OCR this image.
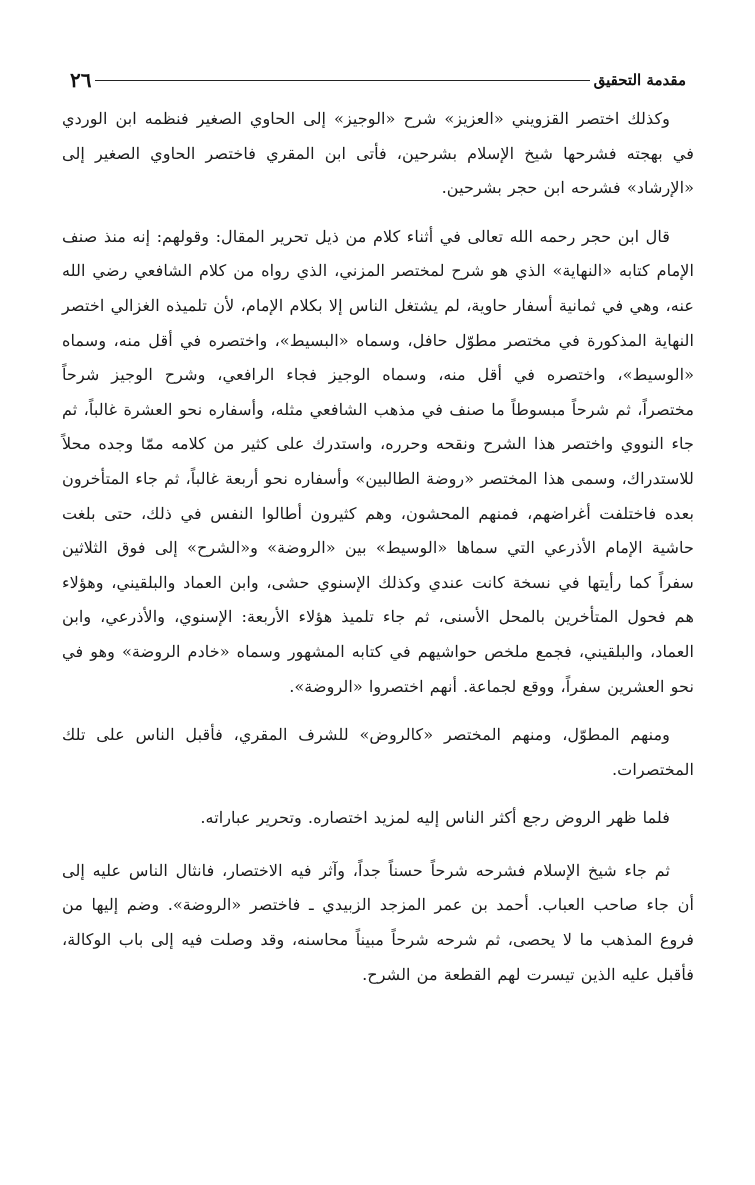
مقدمة التحقيق
٢٦

وكذلك اختصر القزويني «العزيز» شرح «الوجيز» إلى الحاوي الصغير فنظمه ابن الوردي في بهجته فشرحها شيخ الإسلام بشرحين، فأتى ابن المقري فاختصر الحاوي الصغير إلى «الإرشاد» فشرحه ابن حجر بشرحين.

قال ابن حجر رحمه الله تعالى في أثناء كلام من ذيل تحرير المقال: وقولهم: إنه منذ صنف الإمام كتابه «النهاية» الذي هو شرح لمختصر المزني، الذي رواه من كلام الشافعي رضي الله عنه، وهي في ثمانية أسفار حاوية، لم يشتغل الناس إلا بكلام الإمام، لأن تلميذه الغزالي اختصر النهاية المذكورة في مختصر مطوّل حافل، وسماه «البسيط»، واختصره في أقل منه، وسماه «الوسيط»، واختصره في أقل منه، وسماه الوجيز فجاء الرافعي، وشرح الوجيز شرحاً مختصراً، ثم شرحاً مبسوطاً ما صنف في مذهب الشافعي مثله، وأسفاره نحو العشرة غالباً، ثم جاء النووي واختصر هذا الشرح ونقحه وحرره، واستدرك على كثير من كلامه ممّا وجده محلاً للاستدراك، وسمى هذا المختصر «روضة الطالبين» وأسفاره نحو أربعة غالباً، ثم جاء المتأخرون بعده فاختلفت أغراضهم، فمنهم المحشون، وهم كثيرون أطالوا النفس في ذلك، حتى بلغت حاشية الإمام الأذرعي التي سماها «الوسيط» بين «الروضة» و«الشرح» إلى فوق الثلاثين سفراً كما رأيتها في نسخة كانت عندي وكذلك الإسنوي حشى، وابن العماد والبلقيني، وهؤلاء هم فحول المتأخرين بالمحل الأسنى، ثم جاء تلميذ هؤلاء الأربعة: الإسنوي، والأذرعي، وابن العماد، والبلقيني، فجمع ملخص حواشيهم في كتابه المشهور وسماه «خادم الروضة» وهو في نحو العشرين سفراً، ووقع لجماعة. أنهم اختصروا «الروضة».

ومنهم المطوّل، ومنهم المختصر «كالروض» للشرف المقري، فأقبل الناس على تلك المختصرات.

فلما ظهر الروض رجع أكثر الناس إليه لمزيد اختصاره. وتحرير عباراته.

ثم جاء شيخ الإسلام فشرحه شرحاً حسناً جداً، وآثر فيه الاختصار، فانثال الناس عليه إلى أن جاء صاحب العباب. أحمد بن عمر المزجد الزبيدي ـ فاختصر «الروضة». وضم إليها من فروع المذهب ما لا يحصى، ثم شرحه شرحاً مبيناً محاسنه، وقد وصلت فيه إلى باب الوكالة، فأقبل عليه الذين تيسرت لهم القطعة من الشرح.
